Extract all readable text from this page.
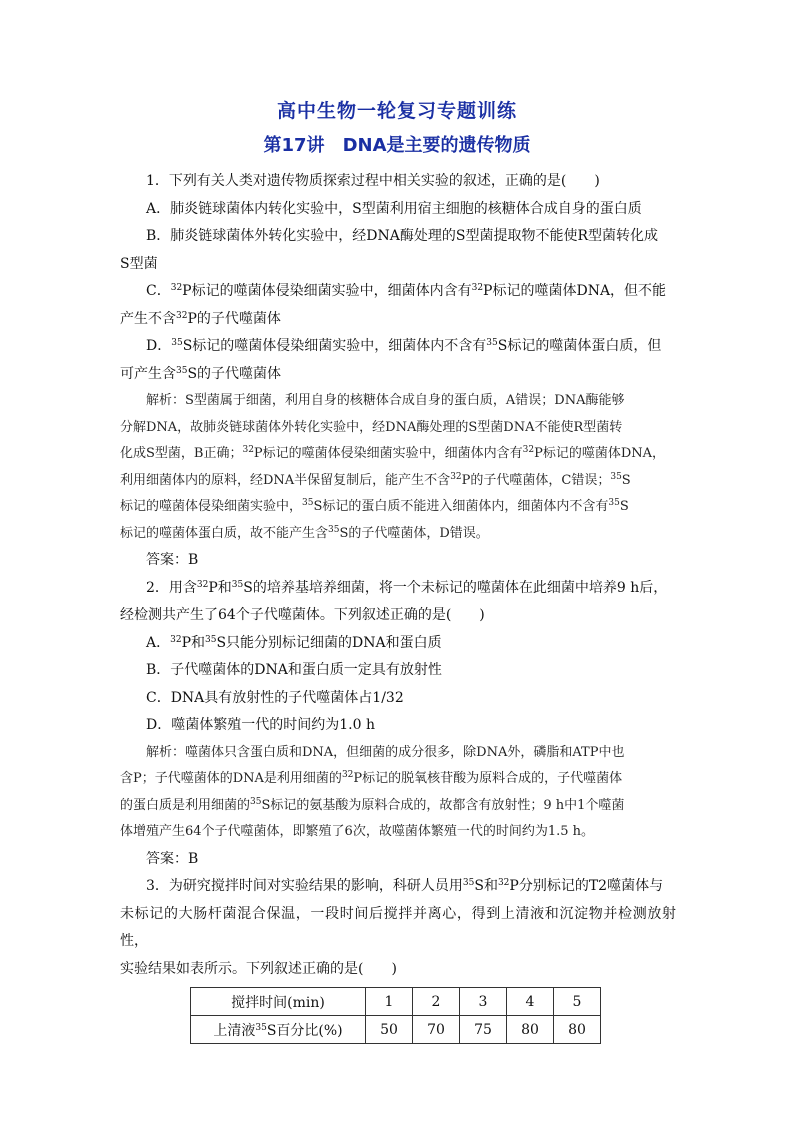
高中生物一轮复习专题训练
第17讲 DNA是主要的遗传物质
1．下列有关人类对遗传物质探索过程中相关实验的叙述，正确的是(　　)
A．肺炎链球菌体内转化实验中，S型菌利用宿主细胞的核糖体合成自身的蛋白质
B．肺炎链球菌体外转化实验中，经DNA酶处理的S型菌提取物不能使R型菌转化成
S型菌
C．$^{32}$P标记的噬菌体侵染细菌实验中，细菌体内含有$^{32}$P标记的噬菌体DNA，但不能
产生不含$^{32}$P的子代噬菌体
D．$^{35}$S标记的噬菌体侵染细菌实验中，细菌体内不含有$^{35}$S标记的噬菌体蛋白质，但
可产生含$^{35}$S的子代噬菌体
解析：S型菌属于细菌，利用自身的核糖体合成自身的蛋白质，A错误；DNA酶能够
分解DNA，故肺炎链球菌体外转化实验中，经DNA酶处理的S型菌DNA不能使R型菌转
化成S型菌，B正确；$^{32}$P标记的噬菌体侵染细菌实验中，细菌体内含有$^{32}$P标记的噬菌体DNA，
利用细菌体内的原料，经DNA半保留复制后，能产生不含$^{32}$P的子代噬菌体，C错误；$^{35}$S
标记的噬菌体侵染细菌实验中，$^{35}$S标记的蛋白质不能进入细菌体内，细菌体内不含有$^{35}$S
标记的噬菌体蛋白质，故不能产生含$^{35}$S的子代噬菌体，D错误。
答案：B
2．用含$^{32}$P和$^{35}$S的培养基培养细菌，将一个未标记的噬菌体在此细菌中培养9 h后，
经检测共产生了64个子代噬菌体。下列叙述正确的是(　　)
A．$^{32}$P和$^{35}$S只能分别标记细菌的DNA和蛋白质
B．子代噬菌体的DNA和蛋白质一定具有放射性
C．DNA具有放射性的子代噬菌体占1/32
D．噬菌体繁殖一代的时间约为1.0 h
解析：噬菌体只含蛋白质和DNA，但细菌的成分很多，除DNA外，磷脂和ATP中也
含P；子代噬菌体的DNA是利用细菌的$^{32}$P标记的脱氧核苷酸为原料合成的，子代噬菌体
的蛋白质是利用细菌的$^{35}$S标记的氨基酸为原料合成的，故都含有放射性；9 h中1个噬菌
体增殖产生64个子代噬菌体，即繁殖了6次，故噬菌体繁殖一代的时间约为1.5 h。
答案：B
3．为研究搅拌时间对实验结果的影响，科研人员用$^{35}$S和$^{32}$P分别标记的T2噬菌体与
未标记的大肠杆菌混合保温，一段时间后搅拌并离心，得到上清液和沉淀物并检测放射性，
实验结果如表所示。下列叙述正确的是(　　)
搅拌时间(min)	1	2	3	4	5
上清液$^{35}$S百分比(%)	50	70	75	80	80
